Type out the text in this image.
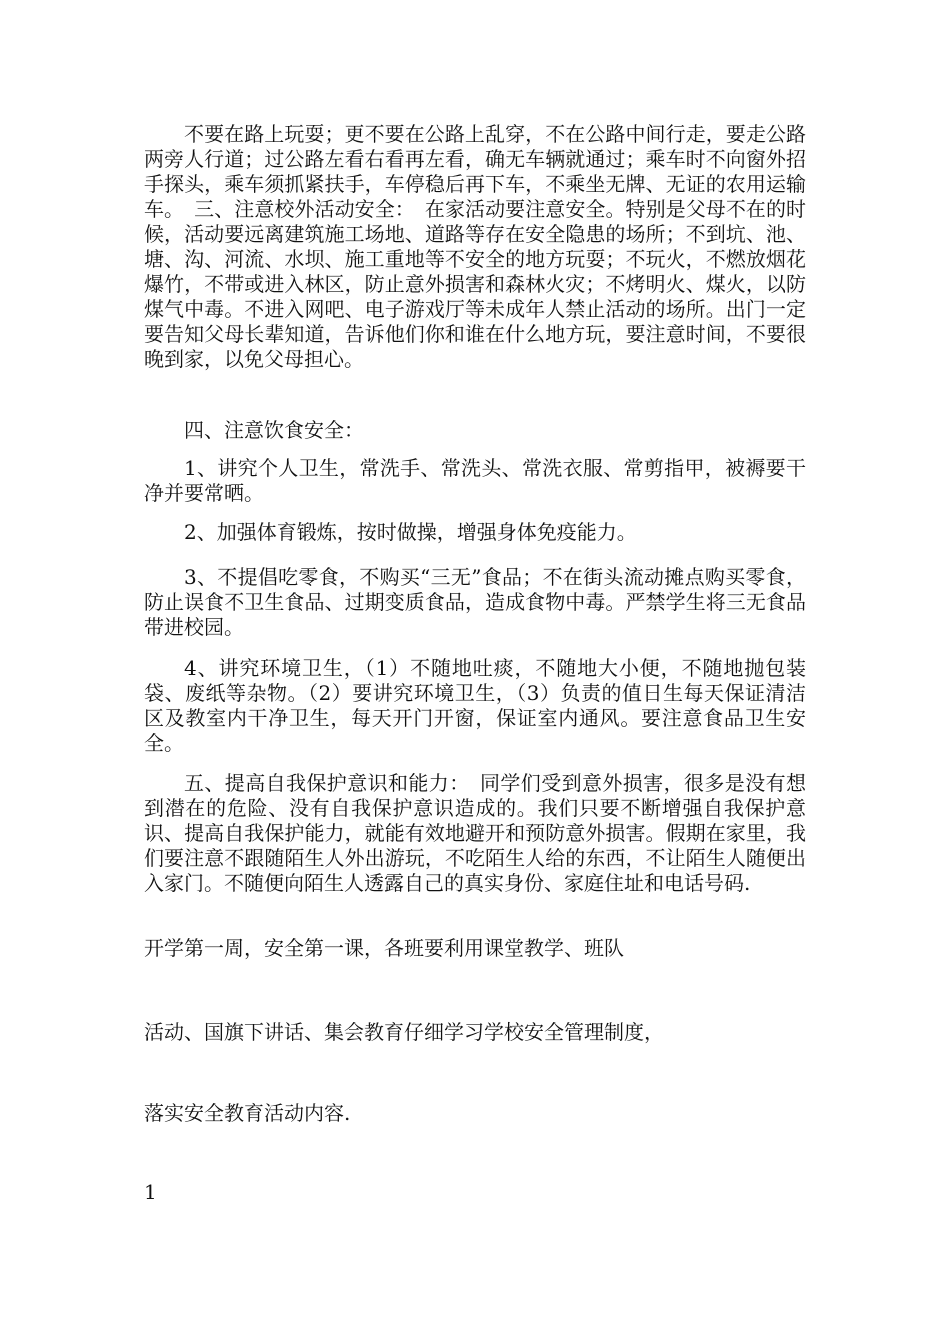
不要在路上玩耍；更不要在公路上乱穿，不在公路中间行走，要走公路两旁人行道；过公路左看右看再左看，确无车辆就通过；乘车时不向窗外招手探头，乘车须抓紧扶手，车停稳后再下车，不乘坐无牌、无证的农用运输车。　三、注意校外活动安全：　在家活动要注意安全。特别是父母不在的时候，活动要远离建筑施工场地、道路等存在安全隐患的场所；不到坑、池、塘、沟、河流、水坝、施工重地等不安全的地方玩耍；不玩火，不燃放烟花爆竹，不带或进入林区，防止意外损害和森林火灾；不烤明火、煤火，以防煤气中毒。不进入网吧、电子游戏厅等未成年人禁止活动的场所。出门一定要告知父母长辈知道，告诉他们你和谁在什么地方玩，要注意时间，不要很晚到家，以免父母担心。

四、注意饮食安全：

1、讲究个人卫生，常洗手、常洗头、常洗衣服、常剪指甲，被褥要干净并要常晒。

2、加强体育锻炼，按时做操，增强身体免疫能力。

3、不提倡吃零食，不购买“三无”食品；不在街头流动摊点购买零食，防止误食不卫生食品、过期变质食品，造成食物中毒。严禁学生将三无食品带进校园。

4、讲究环境卫生，（1）不随地吐痰，不随地大小便，不随地抛包装袋、废纸等杂物。（2）要讲究环境卫生，（3）负责的值日生每天保证清洁区及教室内干净卫生，每天开门开窗，保证室内通风。要注意食品卫生安全。

五、提高自我保护意识和能力：　同学们受到意外损害，很多是没有想到潜在的危险、没有自我保护意识造成的。我们只要不断增强自我保护意识、提高自我保护能力，就能有效地避开和预防意外损害。假期在家里，我们要注意不跟随陌生人外出游玩，不吃陌生人给的东西，不让陌生人随便出入家门。不随便向陌生人透露自己的真实身份、家庭住址和电话号码.

开学第一周，安全第一课，各班要利用课堂教学、班队

活动、国旗下讲话、集会教育仔细学习学校安全管理制度，

落实安全教育活动内容.

1
